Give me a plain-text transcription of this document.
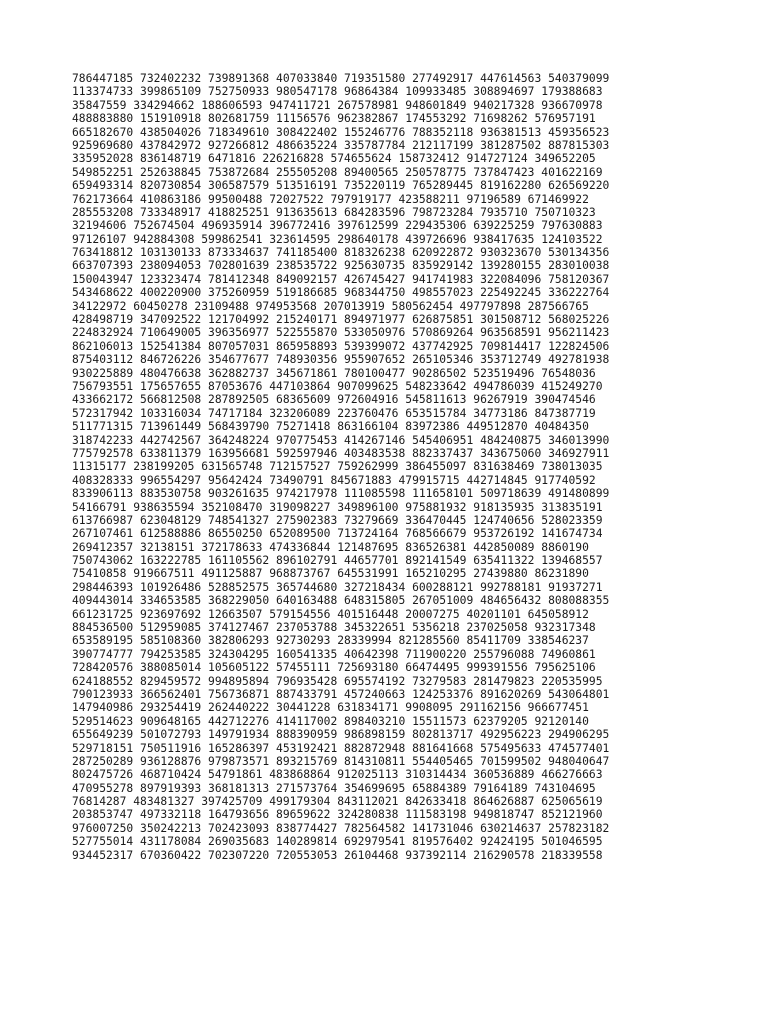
786447185 732402232 739891368 407033840 719351580 277492917 447614563 540379099
113374733 399865109 752750933 980547178 96864384 109933485 308894697 179388683
35847559 334294662 188606593 947411721 267578981 948601849 940217328 936670978
488883880 151910918 802681759 11156576 962382867 174553292 71698262 576957191
665182670 438504026 718349610 308422402 155246776 788352118 936381513 459356523
925969680 437842972 927266812 486635224 335787784 212117199 381287502 887815303
335952028 836148719 6471816 226216828 574655624 158732412 914727124 349652205
549852251 252638845 753872684 255505208 89400565 250578775 737847423 401622169
659493314 820730854 306587579 513516191 735220119 765289445 819162280 626569220
762173664 410863186 99500488 72027522 797919177 423588211 97196589 671469922
285553208 733348917 418825251 913635613 684283596 798723284 7935710 750710323
32194606 752674504 496935914 396772416 397612599 229435306 639225259 797630883
97126107 942884308 599862541 323614595 298640178 439726696 938417635 124103522
763418812 103130133 873334637 741185400 818326238 620922872 930323670 530134356
663707393 238094053 702801639 238535722 925630735 835929142 139280155 283010038
150043947 123323474 781412348 849092157 426745427 941741983 322084096 758120367
543468622 400220900 375260959 519186685 968344750 498557023 225492245 336222764
34122972 60450278 23109488 974953568 207013919 580562454 497797898 287566765
428498719 347092522 121704992 215240171 894971977 626875851 301508712 568025226
224832924 710649005 396356977 522555870 533050976 570869264 963568591 956211423
862106013 152541384 807057031 865958893 539399072 437742925 709814417 122824506
875403112 846726226 354677677 748930356 955907652 265105346 353712749 492781938
930225889 480476638 362882737 345671861 780100477 90286502 523519496 76548036
756793551 175657655 87053676 447103864 907099625 548233642 494786039 415249270
433662172 566812508 287892505 68365609 972604916 545811613 96267919 390474546
572317942 103316034 74717184 323206089 223760476 653515784 34773186 847387719
511771315 713961449 568439790 75271418 863166104 83972386 449512870 40484350
318742233 442742567 364248224 970775453 414267146 545406951 484240875 346013990
775792578 633811379 163956681 592597946 403483538 882337437 343675060 346927911
11315177 238199205 631565748 712157527 759262999 386455097 831638469 738013035
408328333 996554297 95642424 73490791 845671883 479915715 442714845 917740592
833906113 883530758 903261635 974217978 111085598 111658101 509718639 491480899
54166791 938635594 352108470 319098227 349896100 975881932 918135935 313835191
613766987 623048129 748541327 275902383 73279669 336470445 124740656 528023359
267107461 612588886 86550250 652089500 713724164 768566679 953726192 141674734
269412357 32138151 372178633 474336844 121487695 836526381 442850089 8860190
750743062 163222785 161105562 896102791 44657701 892141549 635411322 139468557
75410858 919667511 491125887 968873767 645531991 165210295 27439880 86231890
298446393 101926486 528852575 365744680 327218434 600288121 992788181 91937271
409443014 334653585 368229050 640163488 648315805 267051009 484656432 808088355
661231725 923697692 12663507 579154556 401516448 20007275 40201101 645058912
884536500 512959085 374127467 237053788 345322651 5356218 237025058 932317348
653589195 585108360 382806293 92730293 28339994 821285560 85411709 338546237
390774777 794253585 324304295 160541335 40642398 711900220 255796088 74960861
728420576 388085014 105605122 57455111 725693180 66474495 999391556 795625106
624188552 829459572 994895894 796935428 695574192 73279583 281479823 220535995
790123933 366562401 756736871 887433791 457240663 124253376 891620269 543064801
147940986 293254419 262440222 30441228 631834171 9908095 291162156 966677451
529514623 909648165 442712276 414117002 898403210 15511573 62379205 92120140
655649239 501072793 149791934 888390959 986898159 802813717 492956223 294906295
529718151 750511916 165286397 453192421 882872948 881641668 575495633 474577401
287250289 936128876 979873571 893215769 814310811 554405465 701599502 948040647
802475726 468710424 54791861 483868864 912025113 310314434 360536889 466276663
470955278 897919393 368181313 271573764 354699695 65884389 79164189 743104695
76814287 483481327 397425709 499179304 843112021 842633418 864626887 625065619
203853747 497332118 164793656 89659622 324280838 111583198 949818747 852121960
976007250 350242213 702423093 838774427 782564582 141731046 630214637 257823182
527755014 431178084 269035683 140289814 692979541 819576402 92424195 501046595
934452317 670360422 702307220 720553053 26104468 937392114 216290578 218339558
